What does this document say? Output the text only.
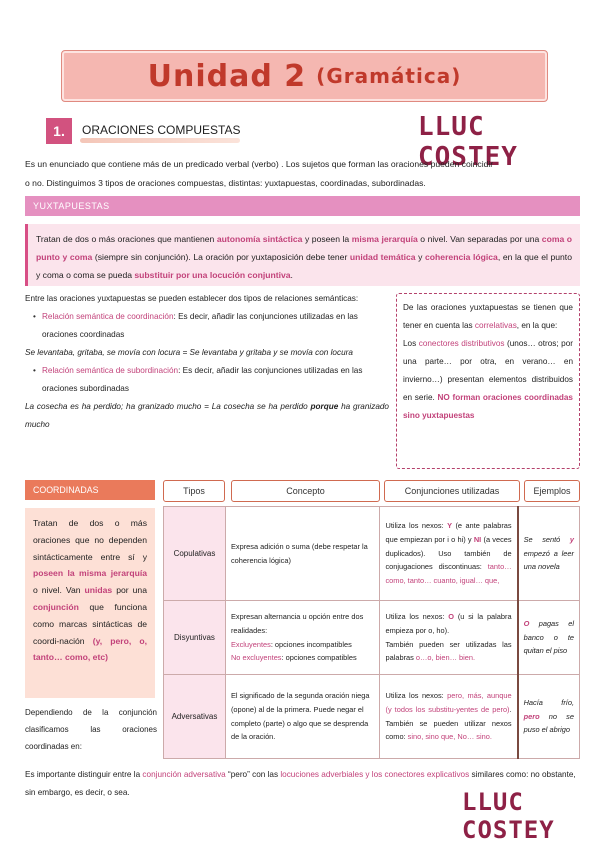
Unidad 2 (Gramática)
1.	ORACIONES COMPUESTAS	LLUC COSTEY
Es un enunciado que contiene más de un predicado verbal (verbo) . Los sujetos que forman las oraciones pueden coincidir
o no. Distinguimos 3 tipos de oraciones compuestas, distintas: yuxtapuestas, coordinadas, subordinadas.
YUXTAPUESTAS
Tratan de dos o más oraciones que mantienen autonomía sintáctica y poseen la misma jerarquía o nivel. Van separadas por una coma o punto y coma (siempre sin conjunción). La oración por yuxtaposición debe tener unidad temática y coherencia lógica, en la que el punto y coma o coma se pueda substituir por una locución conjuntiva.
Entre las oraciones yuxtapuestas se pueden establecer dos tipos de relaciones semánticas:
• Relación semántica de coordinación: Es decir, añadir las conjunciones utilizadas en las oraciones coordinadas
Se levantaba, gritaba, se movía con locura = Se levantaba y gritaba y se movía con locura
• Relación semántica de subordinación: Es decir, añadir las conjunciones utilizadas en las oraciones subordinadas
La cosecha es ha perdido; ha granizado mucho = La cosecha se ha perdido porque ha granizado mucho
De las oraciones yuxtapuestas se tienen que tener en cuenta las correlativas, en la que:
Los conectores distributivos (unos… otros; por una parte… por otra, en verano… en invierno…) presentan elementos distribuidos en serie. NO forman oraciones coordinadas sino yuxtapuestas
COORDINADAS
Tratan de dos o más oraciones que no dependen sintácticamente entre sí y poseen la misma jerarquía o nivel. Van unidas por una conjunción que funciona como marcas sintácticas de coordi-nación (y, pero, o, tanto… como, etc)
Dependiendo de la conjunción clasificamos las oraciones coordinadas en:
Tipos	Concepto	Conjunciones utilizadas	Ejemplos
Copulativas	Expresa adición o suma (debe respetar la coherencia lógica)	Utiliza los nexos: Y (e ante palabras que empiezan por i o hi) y NI (a veces duplicados). Uso también de conjugaciones discontinuas: tanto… como, tanto… cuanto, igual… que,	Se sentó y empezó a leer una novela
Disyuntivas	Expresan alternancia u opción entre dos realidades:
Excluyentes: opciones incompatibles
No excluyentes: opciones compatibles	Utiliza los nexos: O (u si la palabra empieza por o, ho).
También pueden ser utilizadas las palabras o…o, bien… bien.	O pagas el banco o te quitan el piso
Adversativas	El significado de la segunda oración niega (opone) al de la primera. Puede negar el completo (parte) o algo que se desprenda de la oración.	Utiliza los nexos: pero, más, aunque (y todos los substitu-yentes de pero). También se pueden utilizar nexos como: sino, sino que, No… sino.	Hacía frío, pero no se puso el abrigo
Es importante distinguir entre la conjunción adversativa “pero” con las locuciones adverbiales y los conectores explicativos similares como: no obstante, sin embargo, es decir, o sea.	LLUC COSTEY
